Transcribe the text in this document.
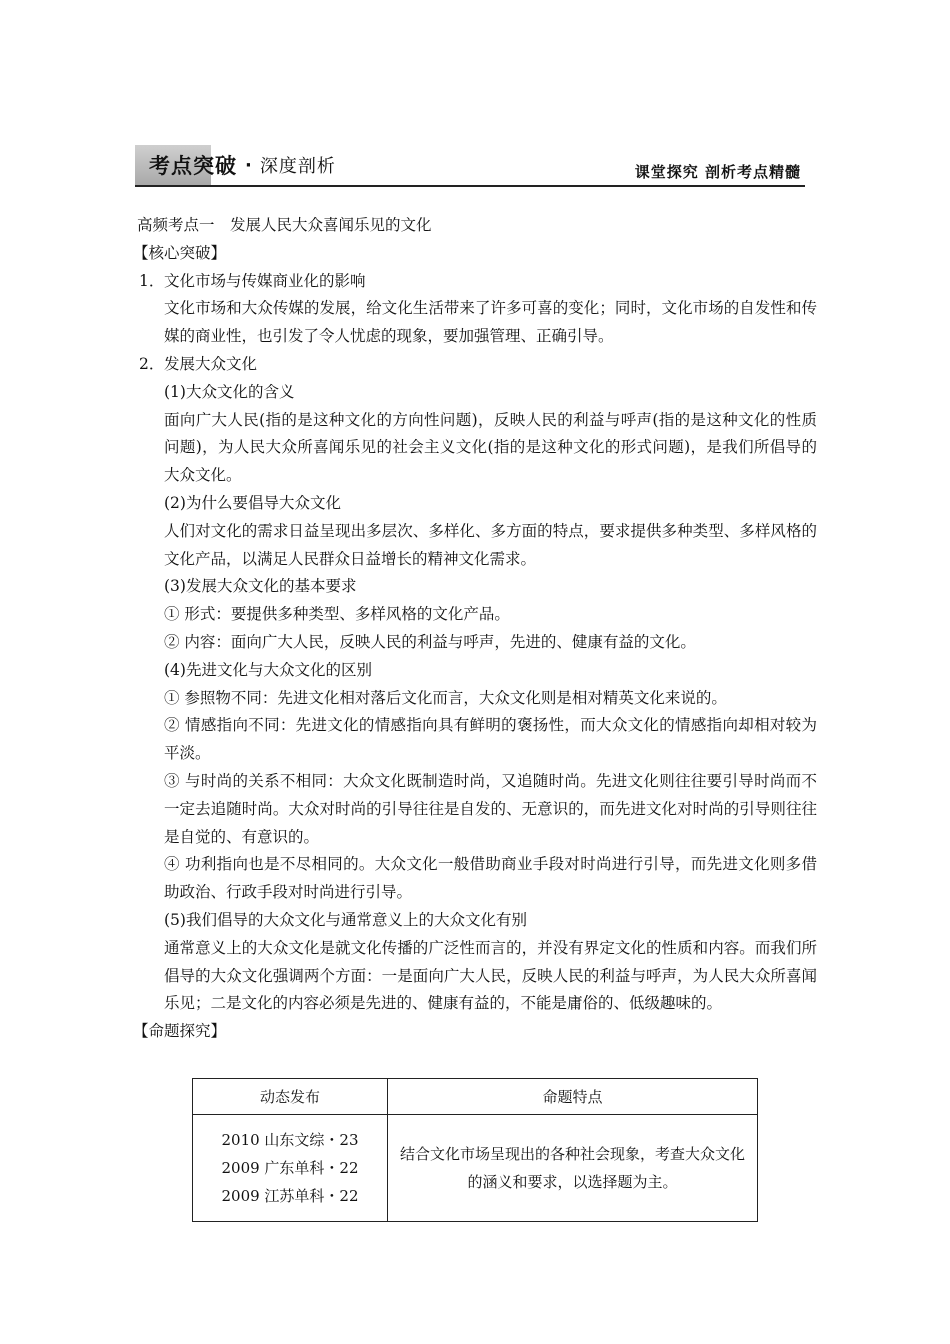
考点突破 · 深度剖析	课堂探究 剖析考点精髓
高频考点一　发展人民大众喜闻乐见的文化
【核心突破】
1．文化市场与传媒商业化的影响
文化市场和大众传媒的发展，给文化生活带来了许多可喜的变化；同时，文化市场的自发性和传媒的商业性，也引发了令人忧虑的现象，要加强管理、正确引导。
2．发展大众文化
(1)大众文化的含义
面向广大人民(指的是这种文化的方向性问题)，反映人民的利益与呼声(指的是这种文化的性质问题)，为人民大众所喜闻乐见的社会主义文化(指的是这种文化的形式问题)，是我们所倡导的大众文化。
(2)为什么要倡导大众文化
人们对文化的需求日益呈现出多层次、多样化、多方面的特点，要求提供多种类型、多样风格的文化产品，以满足人民群众日益增长的精神文化需求。
(3)发展大众文化的基本要求
① 形式：要提供多种类型、多样风格的文化产品。
② 内容：面向广大人民，反映人民的利益与呼声，先进的、健康有益的文化。
(4)先进文化与大众文化的区别
① 参照物不同：先进文化相对落后文化而言，大众文化则是相对精英文化来说的。
② 情感指向不同：先进文化的情感指向具有鲜明的褒扬性，而大众文化的情感指向却相对较为平淡。
③ 与时尚的关系不相同：大众文化既制造时尚，又追随时尚。先进文化则往往要引导时尚而不一定去追随时尚。大众对时尚的引导往往是自发的、无意识的，而先进文化对时尚的引导则往往是自觉的、有意识的。
④ 功利指向也是不尽相同的。大众文化一般借助商业手段对时尚进行引导，而先进文化则多借助政治、行政手段对时尚进行引导。
(5)我们倡导的大众文化与通常意义上的大众文化有别
通常意义上的大众文化是就文化传播的广泛性而言的，并没有界定文化的性质和内容。而我们所倡导的大众文化强调两个方面：一是面向广大人民，反映人民的利益与呼声，为人民大众所喜闻乐见；二是文化的内容必须是先进的、健康有益的，不能是庸俗的、低级趣味的。
【命题探究】
动态发布	命题特点

2010 山东文综・23
2009 广东单科・22
2009 江苏单科・22	结合文化市场呈现出的各种社会现象，考查大众文化的涵义和要求，以选择题为主。
